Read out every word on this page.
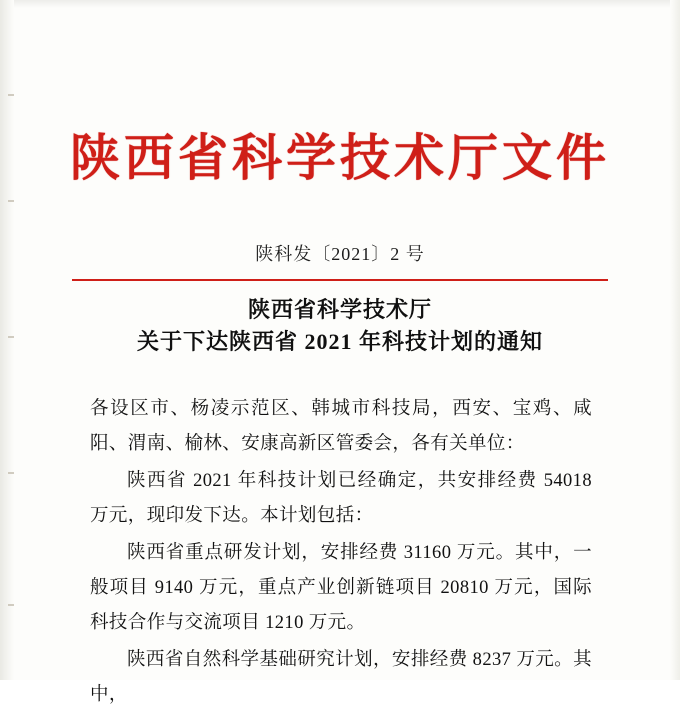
陕西省科学技术厅文件
陕科发〔2021〕2 号
陕西省科学技术厅
关于下达陕西省 2021 年科技计划的通知

各设区市、杨凌示范区、韩城市科技局，西安、宝鸡、咸阳、渭南、榆林、安康高新区管委会，各有关单位：

陕西省 2021 年科技计划已经确定，共安排经费 54018 万元，现印发下达。本计划包括：

陕西省重点研发计划，安排经费 31160 万元。其中，一般项目 9140 万元，重点产业创新链项目 20810 万元，国际科技合作与交流项目 1210 万元。

陕西省自然科学基础研究计划，安排经费 8237 万元。其中，
